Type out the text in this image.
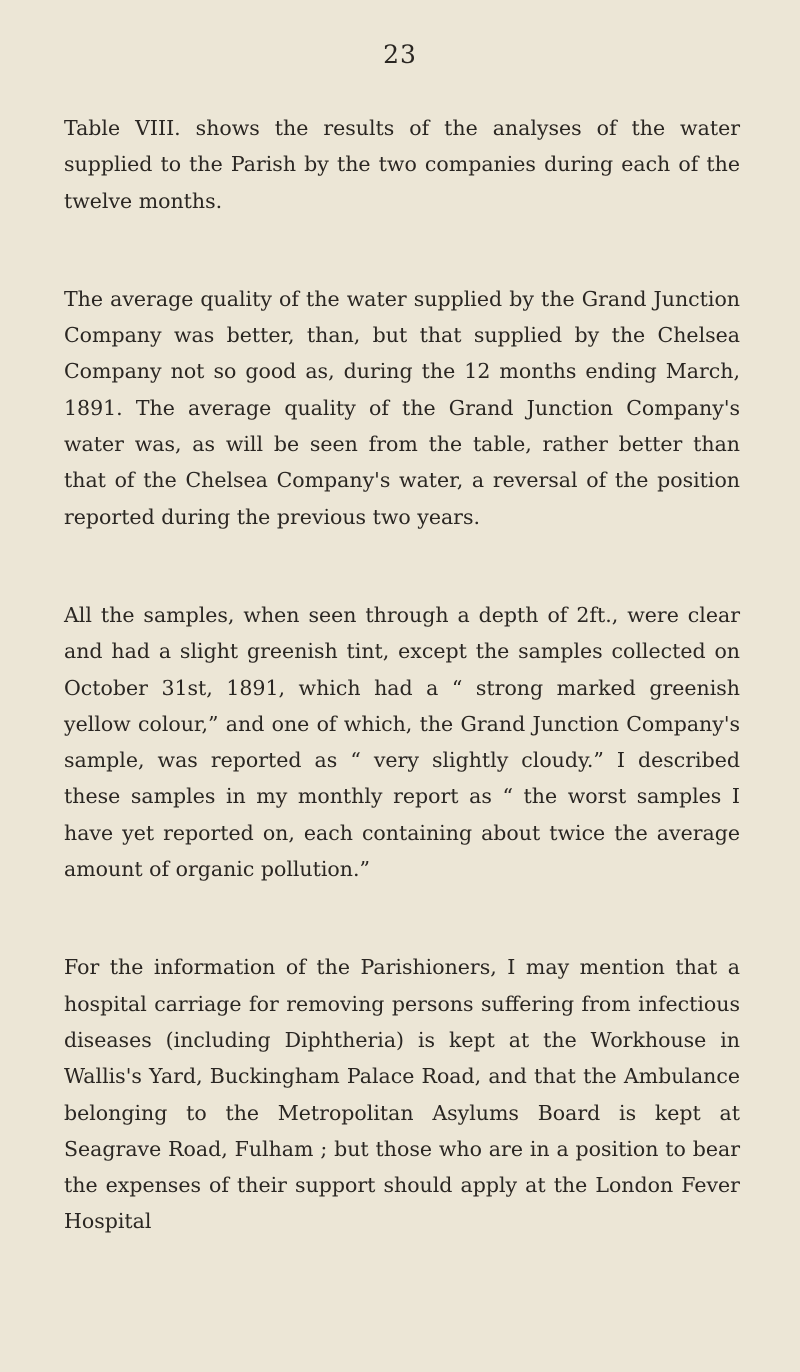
23

Table VIII. shows the results of the analyses of the water supplied to the Parish by the two companies during each of the twelve months.

The average quality of the water supplied by the Grand Junction Company was better, than, but that supplied by the Chelsea Company not so good as, during the 12 months ending March, 1891. The average quality of the Grand Junction Company's water was, as will be seen from the table, rather better than that of the Chelsea Company's water, a reversal of the position reported during the previous two years.

All the samples, when seen through a depth of 2ft., were clear and had a slight greenish tint, except the samples collected on October 31st, 1891, which had a “ strong marked greenish yellow colour,” and one of which, the Grand Junction Company's sample, was reported as “ very slightly cloudy.” I described these samples in my monthly report as “ the worst samples I have yet reported on, each containing about twice the average amount of organic pollution.”

For the information of the Parishioners, I may mention that a hospital carriage for removing persons suffering from infectious diseases (including Diphtheria) is kept at the Workhouse in Wallis's Yard, Buckingham Palace Road, and that the Ambulance belonging to the Metropolitan Asylums Board is kept at Seagrave Road, Fulham ; but those who are in a position to bear the expenses of their support should apply at the London Fever Hospital
